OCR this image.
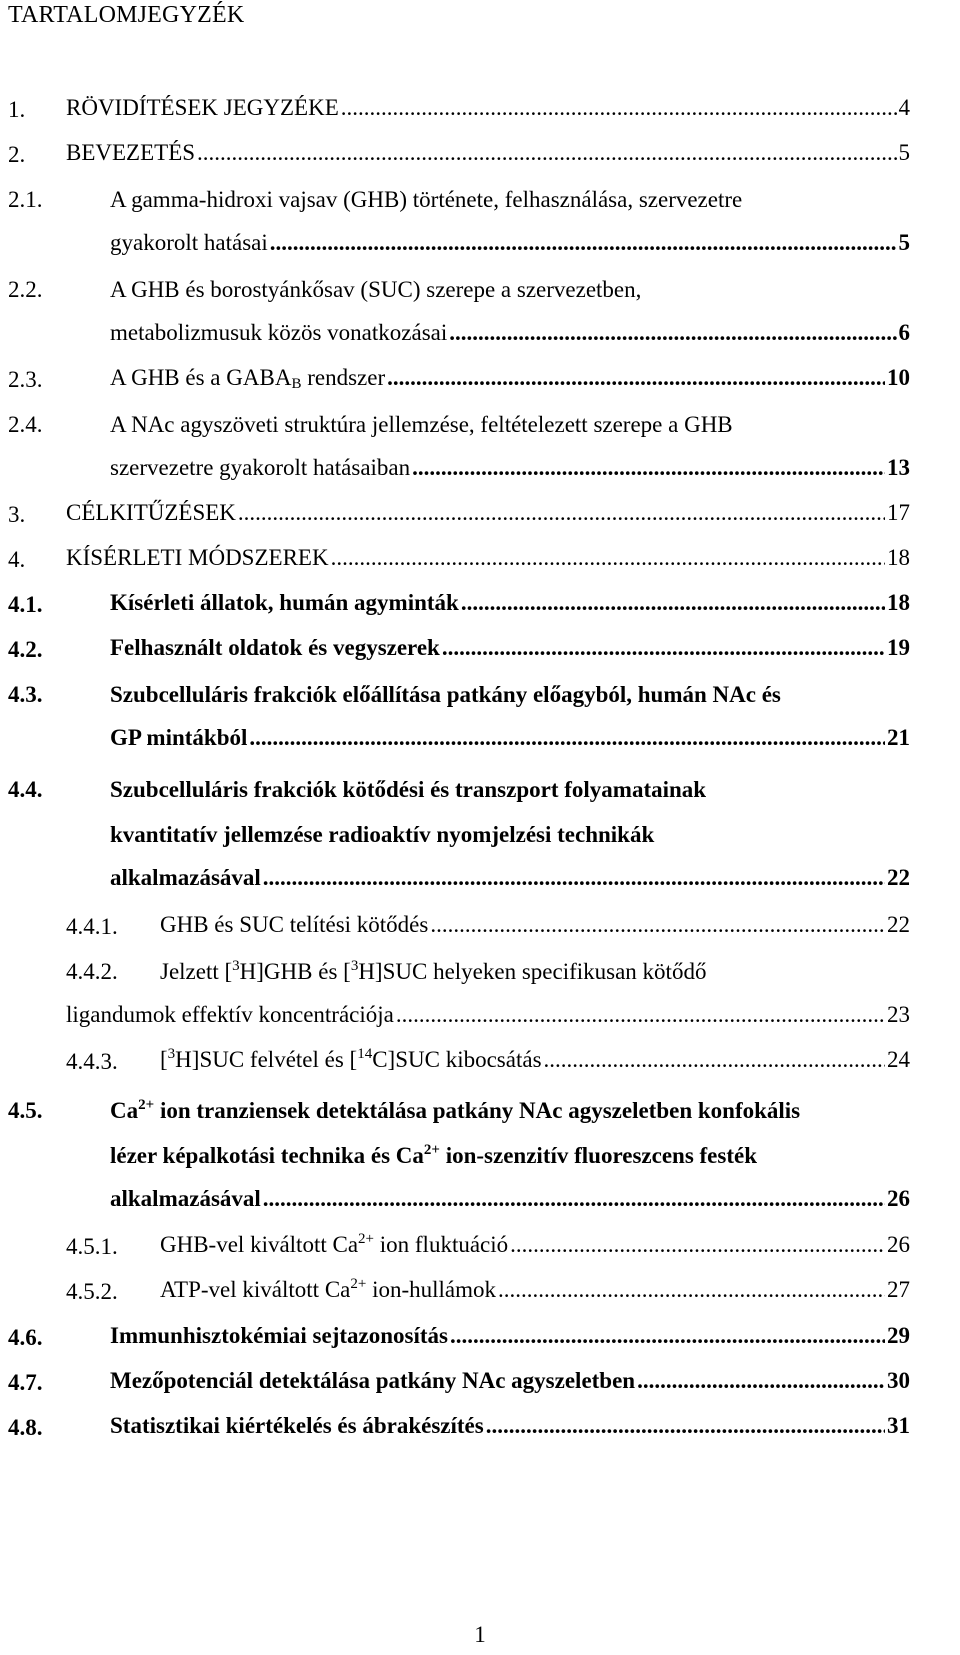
TARTALOMJEGYZÉK
1. RÖVIDÍTÉSEK JEGYZÉKE .....	4
2. BEVEZETÉS .....	5
2.1.	A gamma-hidroxi vajsav (GHB) története, felhasználása, szervezetre
gyakorolt hatásai .....	5
2.2.	A GHB és borostyánkősav (SUC) szerepe a szervezetben,
metabolizmusuk közös vonatkozásai .....	6
2.3.	A GHB és a $GABA_B$ rendszer .....	10
2.4.	A NAc agyszöveti struktúra jellemzése, feltételezett szerepe a GHB
szervezetre gyakorolt hatásaiban .....	13
3. CÉLKITŰZÉSEK .....	17
4. KÍSÉRLETI MÓDSZEREK .....	18
4.1.	Kísérleti állatok, humán agyminták .....	18
4.2.	Felhasznált oldatok és vegyszerek .....	19
4.3.	Szubcelluláris frakciók előállítása patkány előagyból, humán NAc és
GP mintákból .....	21
4.4.	Szubcelluláris frakciók kötődési és transzport folyamatainak
kvantitatív jellemzése radioaktív nyomjelzési technikák
alkalmazásával .....	22
4.4.1. GHB és SUC telítési kötődés .....	22
4.4.2. Jelzett [$^3$H]GHB és [$^3$H]SUC helyeken specifikusan kötődő
ligandumok effektív koncentrációja .....	23
4.4.3. [$^3$H]SUC felvétel és [$^{14}$C]SUC kibocsátás .....	24
4.5.	$Ca^{2+}$ ion tranziensek detektálása patkány NAc agyszeletben konfokális
lézer képalkotási technika és $Ca^{2+}$ ion-szenzitív fluoreszcens festék
alkalmazásával .....	26
4.5.1. GHB-vel kiváltott $Ca^{2+}$ ion fluktuáció .....	26
4.5.2. ATP-vel kiváltott $Ca^{2+}$ ion-hullámok .....	27
4.6.	Immunhisztokémiai sejtazonosítás .....	29
4.7.	Mezőpotenciál detektálása patkány NAc agyszeletben .....	30
4.8.	Statisztikai kiértékelés és ábrakészítés .....	31
1
